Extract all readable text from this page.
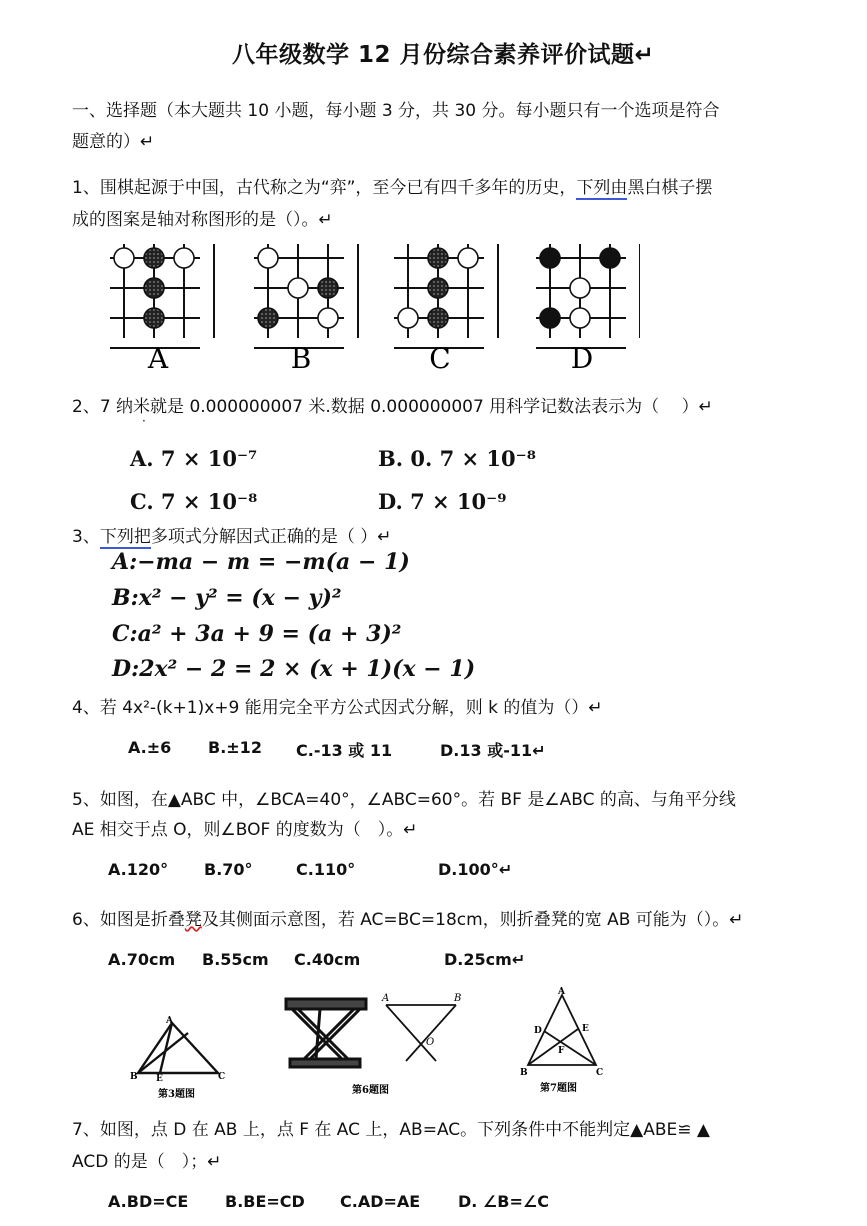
八年级数学 12 月份综合素养评价试题↵
一、选择题（本大题共 10 小题，每小题 3 分，共 30 分。每小题只有一个选项是符合
题意的）↵
1、围棋起源于中国，古代称之为“弈”，至今已有四千多年的历史，下列由黑白棋子摆
成的图案是轴对称图形的是（）。↵
A	B	C	D
2、7 纳米就是 0.000000007 米.数据 0.000000007 用科学记数法表示为（　 ）↵
·
A. 7 × 10⁻⁷	B. 0. 7 × 10⁻⁸
C. 7 × 10⁻⁸	D. 7 × 10⁻⁹
3、下列把多项式分解因式正确的是（ ）↵
A:−ma − m = −m(a − 1)
B:x² − y² = (x − y)²
C:a² + 3a + 9 = (a + 3)²
D:2x² − 2 = 2 × (x + 1)(x − 1)
4、若 4x²-(k+1)x+9 能用完全平方公式因式分解，则 k 的值为（）↵
A.±6 B.±12 C.-13 或 11	D.13 或-11↵
5、如图，在▲ABC 中，∠BCA=40°，∠ABC=60°。若 BF 是∠ABC 的高、与角平分线
AE 相交于点 O，则∠BOF 的度数为（　）。↵
A.120° B.70°	C.110°	D.100°↵
6、如图是折叠凳及其侧面示意图，若 AC=BC=18cm，则折叠凳的宽 AB 可能为（）。↵
A.70cm B.55cm C.40cm	D.25cm↵
A
B E	C
第3题图	第6题图
A	B
O
A
D	E
F
B	C
第7题图
7、如图，点 D 在 AB 上，点 F 在 AC 上，AB=AC。下列条件中不能判定▲ABE≌ ▲
ACD 的是（　）；↵
A.BD=CE B.BE=CD C.AD=AE D. ∠B=∠C
